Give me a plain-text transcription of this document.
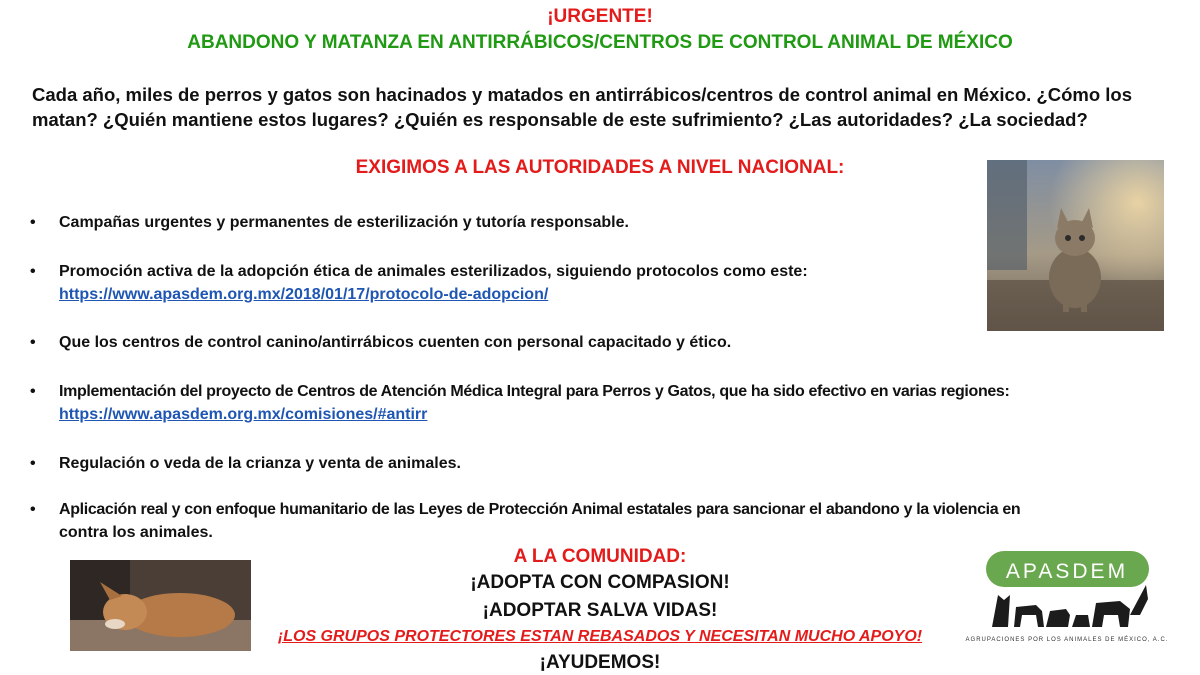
¡URGENTE!
ABANDONO Y MATANZA EN ANTIRRÁBICOS/CENTROS DE CONTROL ANIMAL DE MÉXICO
Cada año, miles de perros y gatos son hacinados y matados en antirrábicos/centros de control animal en México. ¿Cómo los
matan? ¿Quién mantiene estos lugares? ¿Quién es responsable de este sufrimiento? ¿Las autoridades? ¿La sociedad?
EXIGIMOS A LAS AUTORIDADES A NIVEL NACIONAL:
• Campañas urgentes y permanentes de esterilización y tutoría responsable.
• Promoción activa de la adopción ética de animales esterilizados, siguiendo protocolos como este:
https://www.apasdem.org.mx/2018/01/17/protocolo-de-adopcion/
• Que los centros de control canino/antirrábicos cuenten con personal capacitado y ético.
• Implementación del proyecto de Centros de Atención Médica Integral para Perros y Gatos, que ha sido efectivo en varias regiones:
https://www.apasdem.org.mx/comisiones/#antirr
• Regulación o veda de la crianza y venta de animales.
• Aplicación real y con enfoque humanitario de las Leyes de Protección Animal estatales para sancionar el abandono y la violencia en
contra los animales.
A LA COMUNIDAD:
¡ADOPTA CON COMPASION!
¡ADOPTAR SALVA VIDAS!
¡LOS GRUPOS PROTECTORES ESTAN REBASADOS Y NECESITAN MUCHO APOYO!
¡AYUDEMOS!
APASDEM
AGRUPACIONES POR LOS ANIMALES DE MÉXICO, A.C.
